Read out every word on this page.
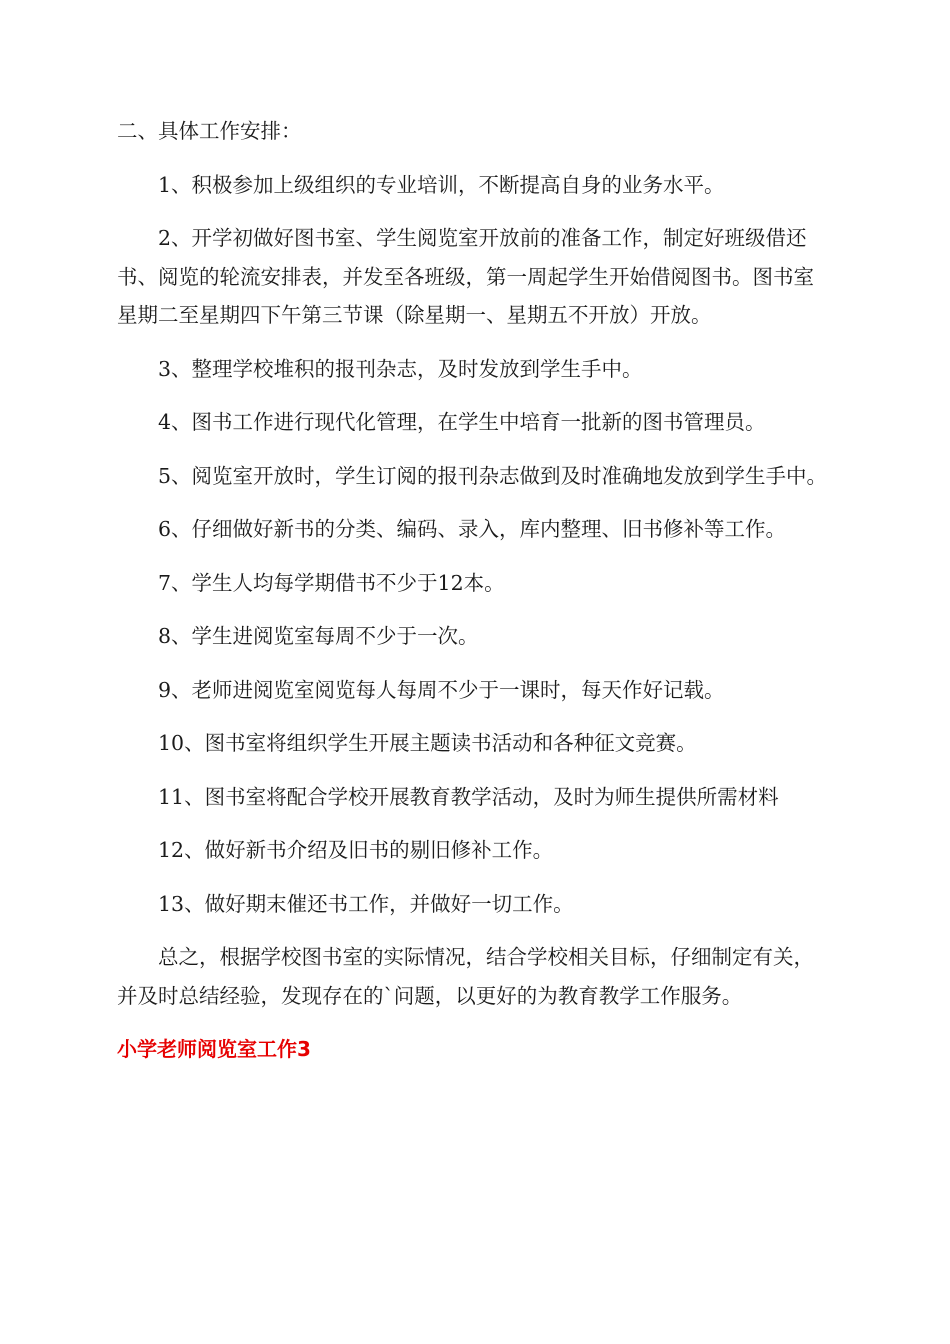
二、具体工作安排：
1、积极参加上级组织的专业培训，不断提高自身的业务水平。
2、开学初做好图书室、学生阅览室开放前的准备工作，制定好班级借还书、阅览的轮流安排表，并发至各班级，第一周起学生开始借阅图书。图书室星期二至星期四下午第三节课（除星期一、星期五不开放）开放。
3、整理学校堆积的报刊杂志，及时发放到学生手中。
4、图书工作进行现代化管理，在学生中培育一批新的图书管理员。
5、阅览室开放时，学生订阅的报刊杂志做到及时准确地发放到学生手中。
6、仔细做好新书的分类、编码、录入，库内整理、旧书修补等工作。
7、学生人均每学期借书不少于12本。
8、学生进阅览室每周不少于一次。
9、老师进阅览室阅览每人每周不少于一课时，每天作好记载。
10、图书室将组织学生开展主题读书活动和各种征文竞赛。
11、图书室将配合学校开展教育教学活动，及时为师生提供所需材料
12、做好新书介绍及旧书的剔旧修补工作。
13、做好期末催还书工作，并做好一切工作。
总之，根据学校图书室的实际情况，结合学校相关目标，仔细制定有关，并及时总结经验，发现存在的`问题，以更好的为教育教学工作服务。
小学老师阅览室工作3
